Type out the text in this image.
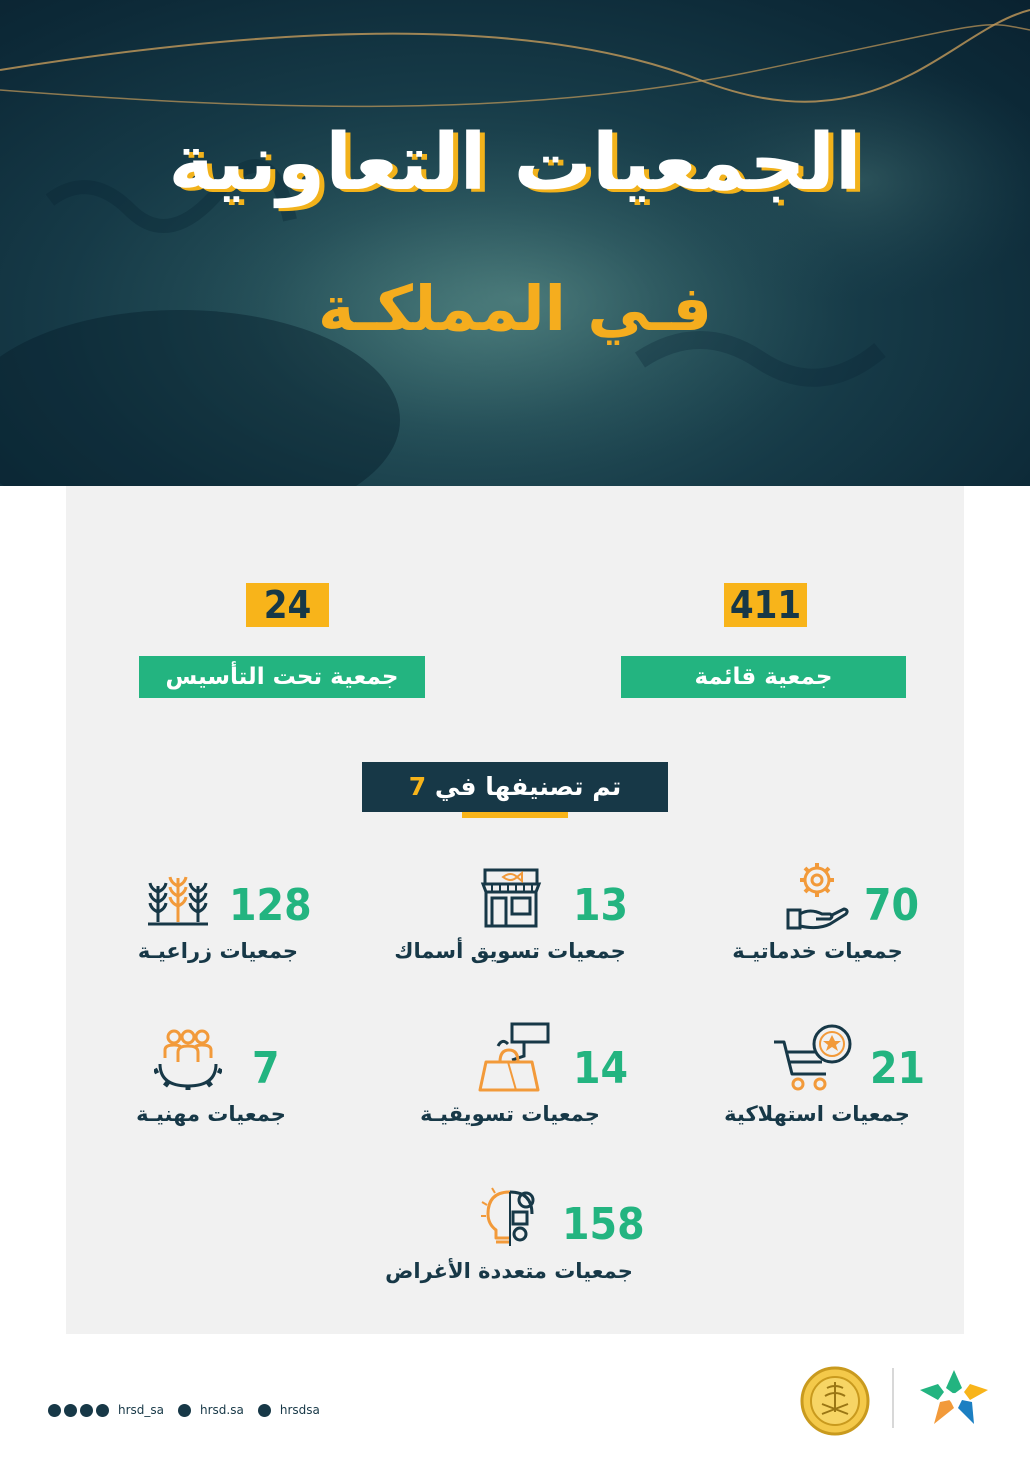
الجمعيات التعاونية
فـي المملكـة
411
جمعية قائمة
24
جمعية تحت التأسيس
تم تصنيفها في 7
70
جمعيات خدماتيـة
13
جمعيات تسويق أسماك
128
جمعيات زراعيـة
21
جمعيات استهلاكية
14
جمعيات تسويقيـة
7
جمعيات مهنيـة
158
جمعيات متعددة الأغراض
hrsd_sa	hrsd.sa	hrsdsa
